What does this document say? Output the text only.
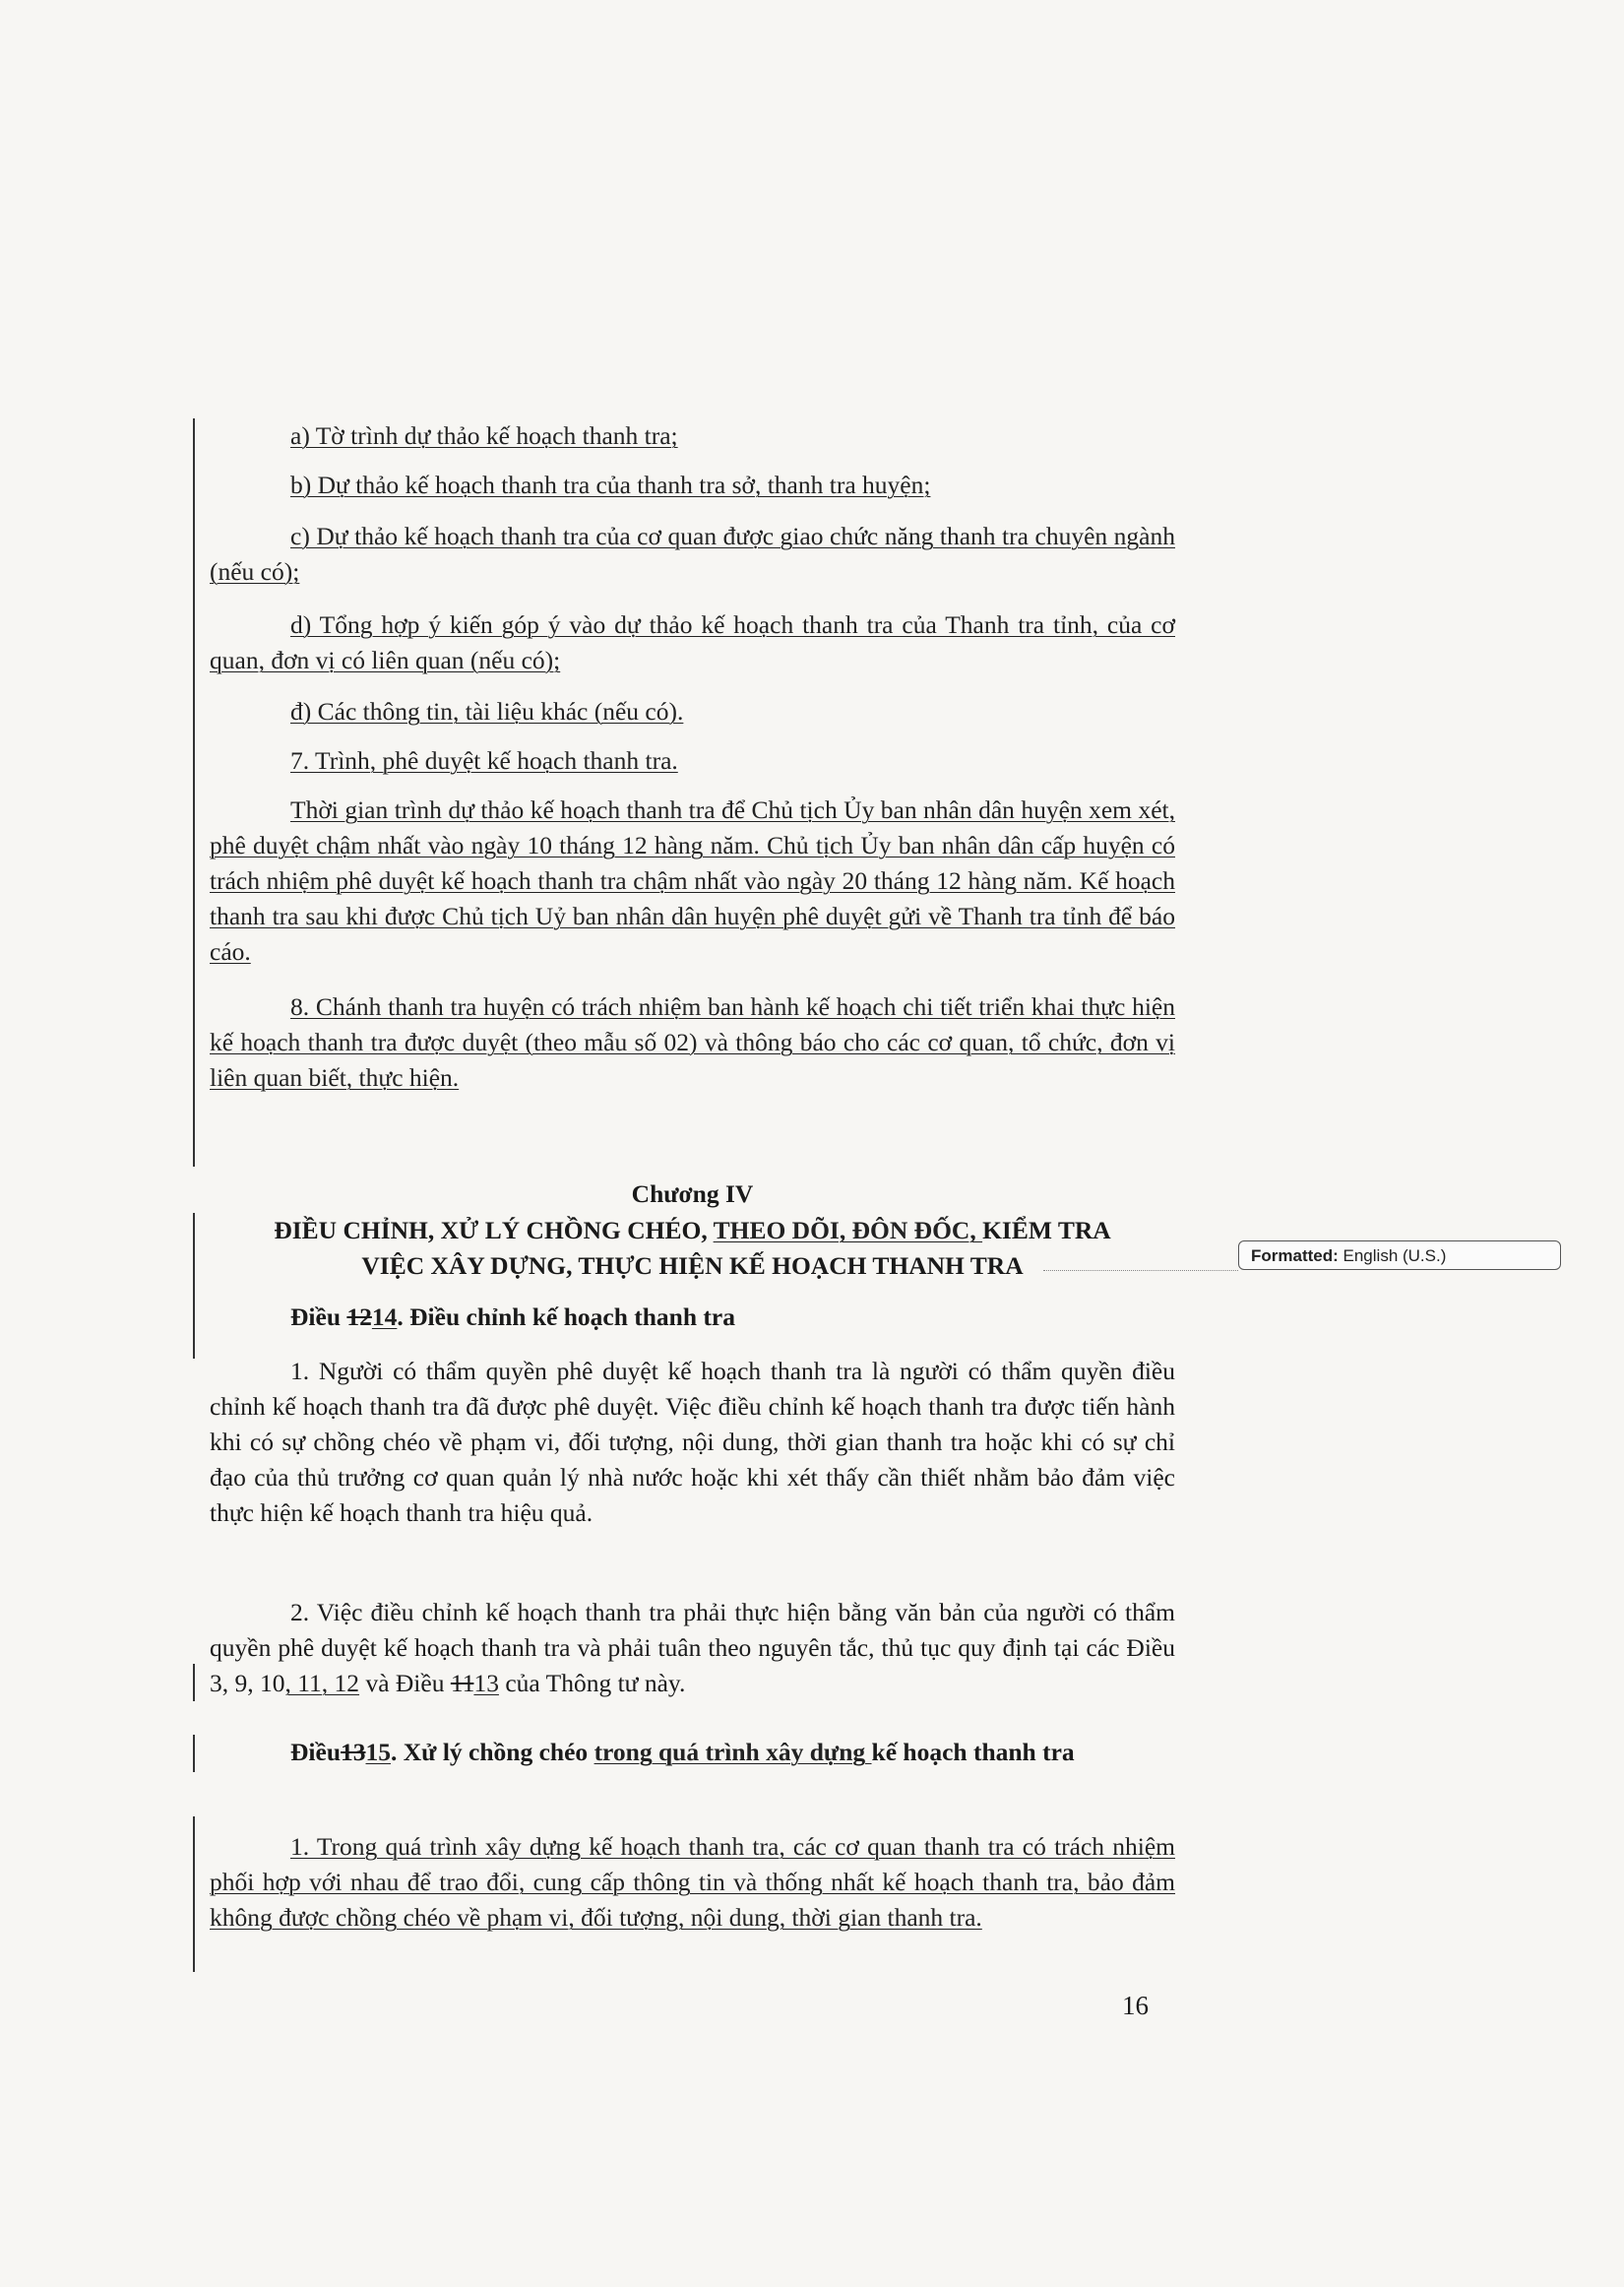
a) Tờ trình dự thảo kế hoạch thanh tra;

b) Dự thảo kế hoạch thanh tra của thanh tra sở, thanh tra huyện;

c) Dự thảo kế hoạch thanh tra của cơ quan được giao chức năng thanh tra chuyên ngành (nếu có);

d) Tổng hợp ý kiến góp ý vào dự thảo kế hoạch thanh tra của Thanh tra tỉnh, của cơ quan, đơn vị có liên quan (nếu có);

đ) Các thông tin, tài liệu khác (nếu có).

7. Trình, phê duyệt kế hoạch thanh tra.

Thời gian trình dự thảo kế hoạch thanh tra để Chủ tịch Ủy ban nhân dân huyện xem xét, phê duyệt chậm nhất vào ngày 10 tháng 12 hàng năm. Chủ tịch Ủy ban nhân dân cấp huyện có trách nhiệm phê duyệt kế hoạch thanh tra chậm nhất vào ngày 20 tháng 12 hàng năm. Kế hoạch thanh tra sau khi được Chủ tịch Uỷ ban nhân dân huyện phê duyệt gửi về Thanh tra tỉnh để báo cáo.

8. Chánh thanh tra huyện có trách nhiệm ban hành kế hoạch chi tiết triển khai thực hiện kế hoạch thanh tra được duyệt (theo mẫu số 02) và thông báo cho các cơ quan, tổ chức, đơn vị liên quan biết, thực hiện.

Chương IV

ĐIỀU CHỈNH, XỬ LÝ CHỒNG CHÉO, THEO DÕI, ĐÔN ĐỐC, KIỂM TRA

VIỆC XÂY DỰNG, THỰC HIỆN KẾ HOẠCH THANH TRA	Formatted: English (U.S.)

Điều 1214. Điều chỉnh kế hoạch thanh tra

1. Người có thẩm quyền phê duyệt kế hoạch thanh tra là người có thẩm quyền điều chỉnh kế hoạch thanh tra đã được phê duyệt. Việc điều chỉnh kế hoạch thanh tra được tiến hành khi có sự chồng chéo về phạm vi, đối tượng, nội dung, thời gian thanh tra hoặc khi có sự chỉ đạo của thủ trưởng cơ quan quản lý nhà nước hoặc khi xét thấy cần thiết nhằm bảo đảm việc thực hiện kế hoạch thanh tra hiệu quả.

2. Việc điều chỉnh kế hoạch thanh tra phải thực hiện bằng văn bản của người có thẩm quyền phê duyệt kế hoạch thanh tra và phải tuân theo nguyên tắc, thủ tục quy định tại các Điều 3, 9, 10, 11, 12 và Điều 1113 của Thông tư này.

Điều1315. Xử lý chồng chéo trong quá trình xây dựng kế hoạch thanh tra

1. Trong quá trình xây dựng kế hoạch thanh tra, các cơ quan thanh tra có trách nhiệm phối hợp với nhau để trao đổi, cung cấp thông tin và thống nhất kế hoạch thanh tra, bảo đảm không được chồng chéo về phạm vi, đối tượng, nội dung, thời gian thanh tra.

16
